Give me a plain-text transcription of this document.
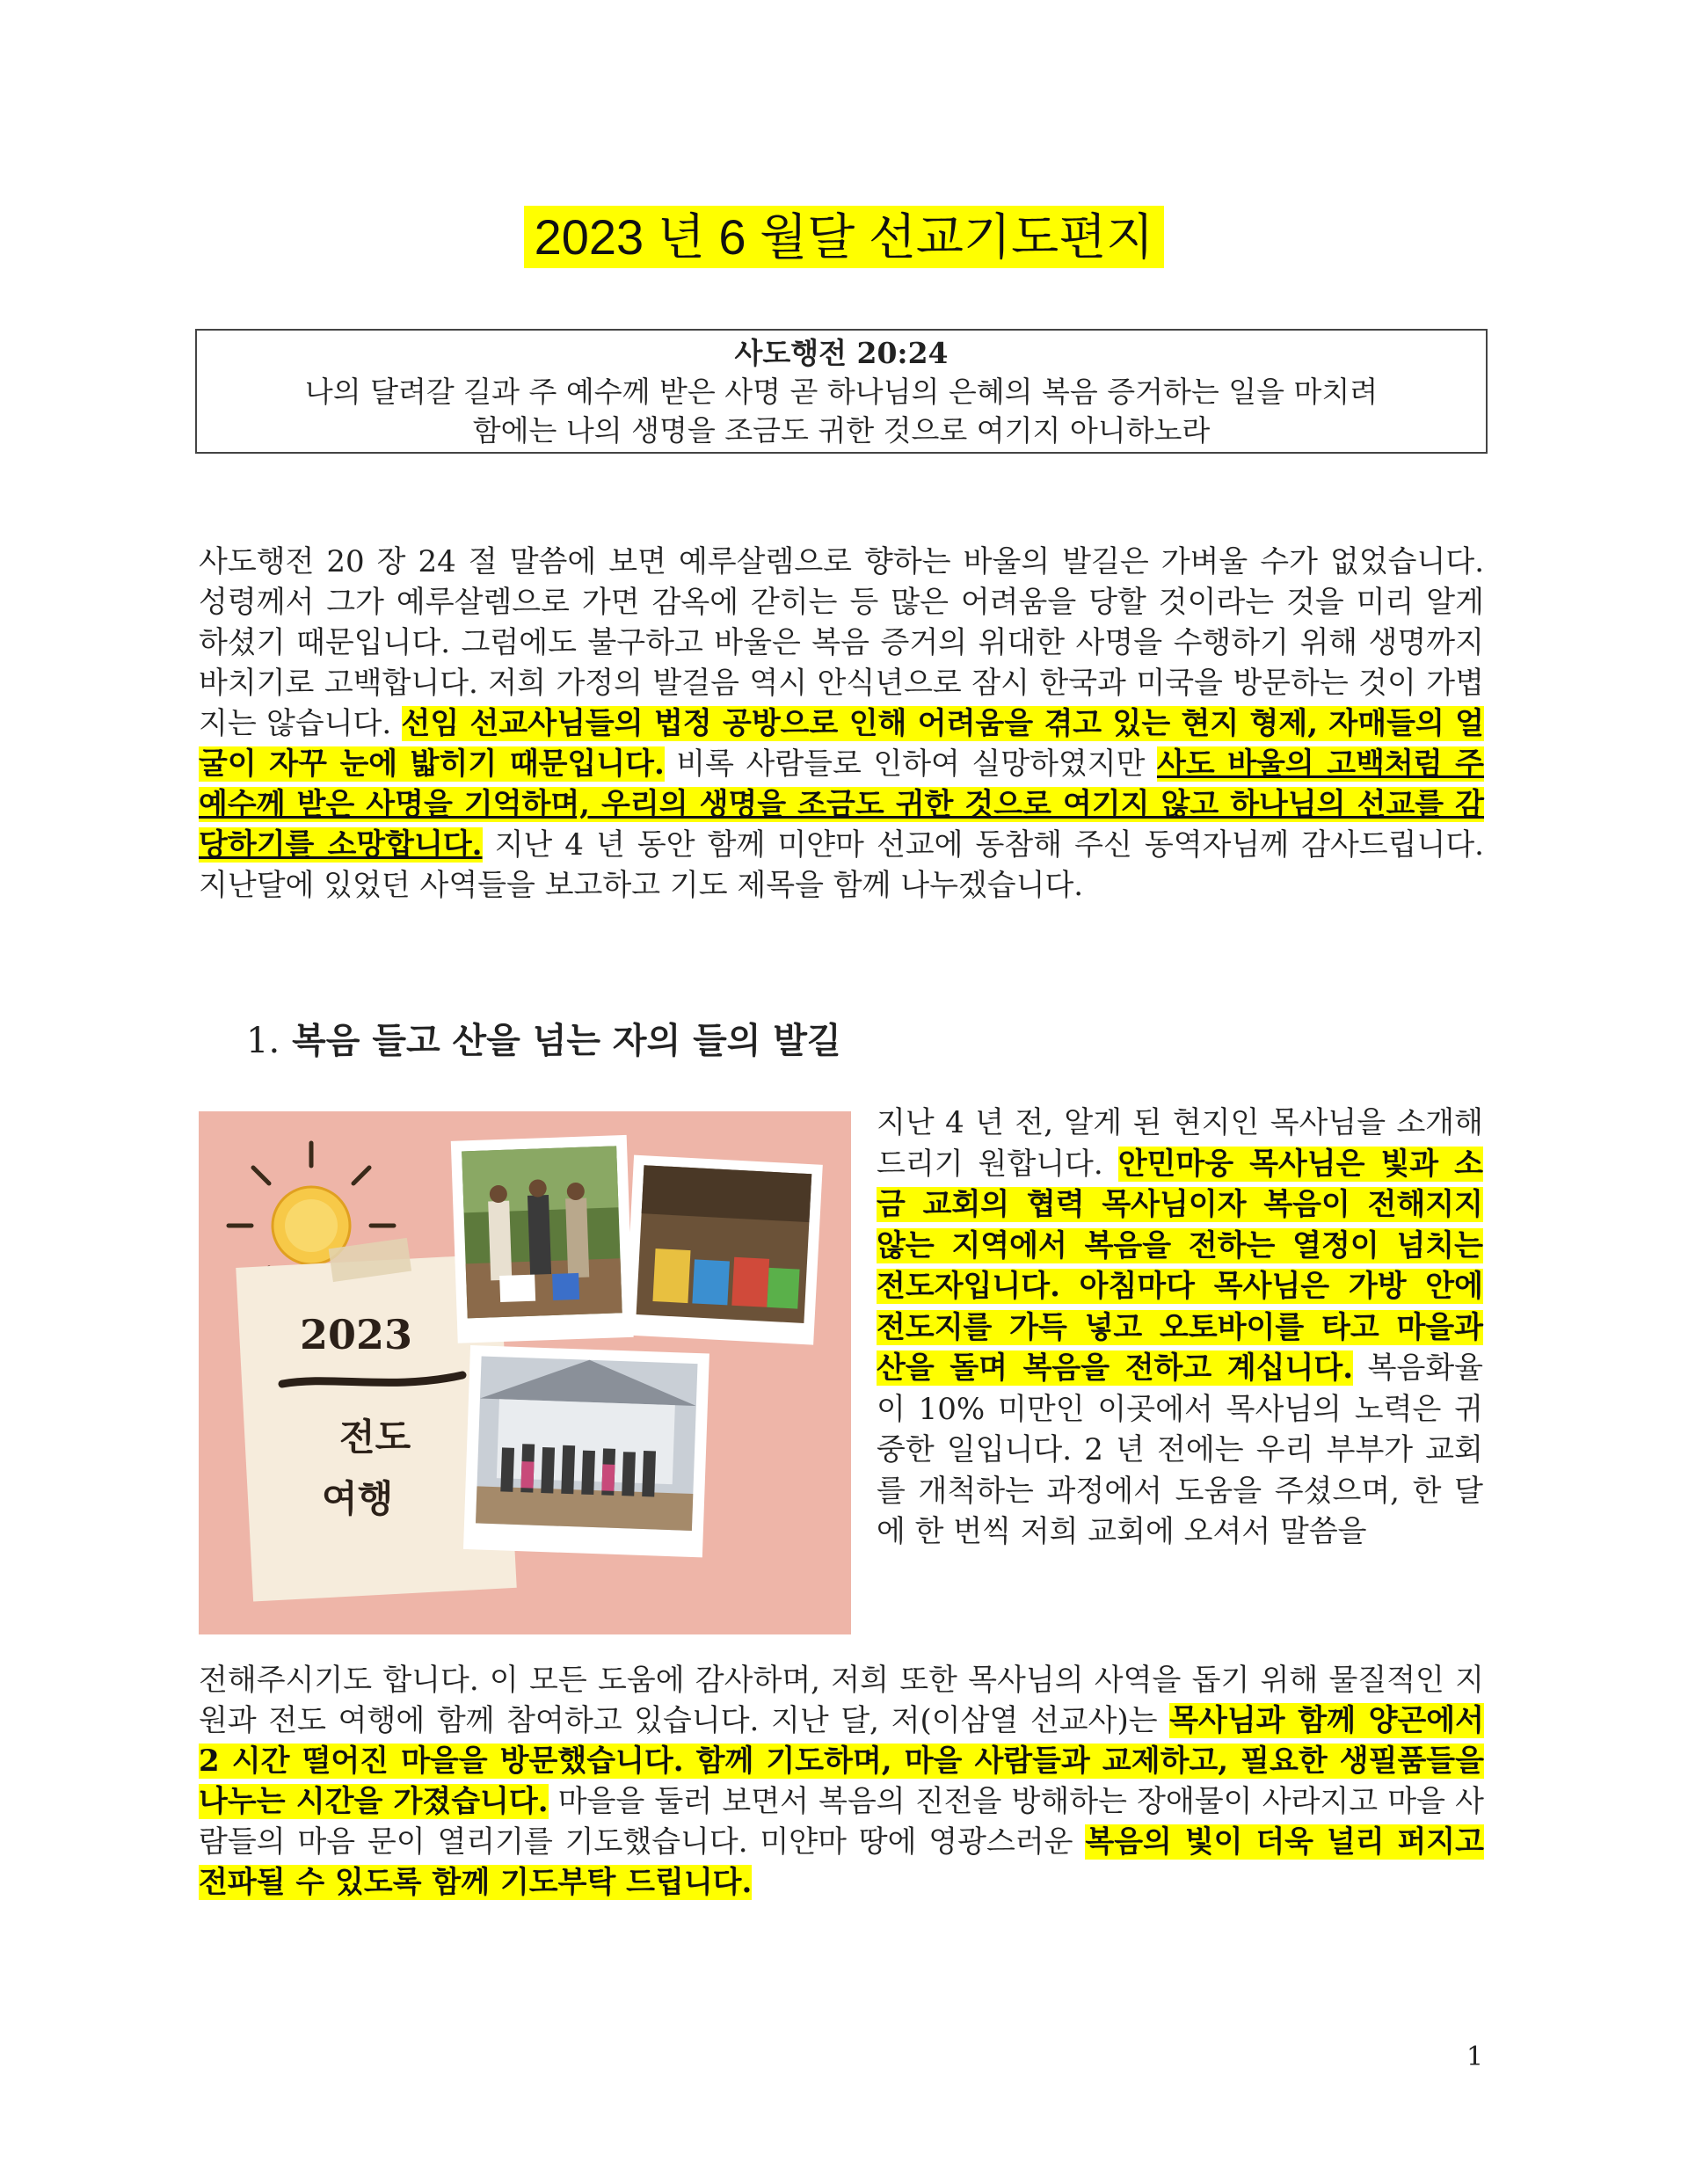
2023 년 6 월달 선교기도편지
사도행전 20:24
나의 달려갈 길과 주 예수께 받은 사명 곧 하나님의 은혜의 복음 증거하는 일을 마치려
함에는 나의 생명을 조금도 귀한 것으로 여기지 아니하노라

사도행전 20 장 24 절 말씀에 보면 예루살렘으로 향하는 바울의 발길은 가벼울 수가 없었습니다. 성령께서 그가 예루살렘으로 가면 감옥에 갇히는 등 많은 어려움을 당할 것이라는 것을 미리 알게 하셨기 때문입니다. 그럼에도 불구하고 바울은 복음 증거의 위대한 사명을 수행하기 위해 생명까지 바치기로 고백합니다. 저희 가정의 발걸음 역시 안식년으로 잠시 한국과 미국을 방문하는 것이 가볍지는 않습니다. 선임 선교사님들의 법정 공방으로 인해 어려움을 겪고 있는 현지 형제, 자매들의 얼굴이 자꾸 눈에 밟히기 때문입니다. 비록 사람들로 인하여 실망하였지만 사도 바울의 고백처럼 주 예수께 받은 사명을 기억하며, 우리의 생명을 조금도 귀한 것으로 여기지 않고 하나님의 선교를 감당하기를 소망합니다. 지난 4 년 동안 함께 미얀마 선교에 동참해 주신 동역자님께 감사드립니다. 지난달에 있었던 사역들을 보고하고 기도 제목을 함께 나누겠습니다.

1. 복음 들고 산을 넘는 자의 들의 발길
2023
전도
여행

지난 4 년 전, 알게 된 현지인 목사님을 소개해 드리기 원합니다. 안민마웅 목사님은 빛과 소금 교회의 협력 목사님이자 복음이 전해지지 않는 지역에서 복음을 전하는 열정이 넘치는 전도자입니다. 아침마다 목사님은 가방 안에 전도지를 가득 넣고 오토바이를 타고 마을과 산을 돌며 복음을 전하고 계십니다. 복음화율이 10% 미만인 이곳에서 목사님의 노력은 귀중한 일입니다. 2 년 전에는 우리 부부가 교회를 개척하는 과정에서 도움을 주셨으며, 한 달에 한 번씩 저희 교회에 오셔서 말씀을

전해주시기도 합니다. 이 모든 도움에 감사하며, 저희 또한 목사님의 사역을 돕기 위해 물질적인 지원과 전도 여행에 함께 참여하고 있습니다. 지난 달, 저(이삼열 선교사)는 목사님과 함께 양곤에서 2 시간 떨어진 마을을 방문했습니다. 함께 기도하며, 마을 사람들과 교제하고, 필요한 생필품들을 나누는 시간을 가졌습니다. 마을을 둘러 보면서 복음의 진전을 방해하는 장애물이 사라지고 마을 사람들의 마음 문이 열리기를 기도했습니다. 미얀마 땅에 영광스러운 복음의 빛이 더욱 널리 퍼지고 전파될 수 있도록 함께 기도부탁 드립니다.

1
